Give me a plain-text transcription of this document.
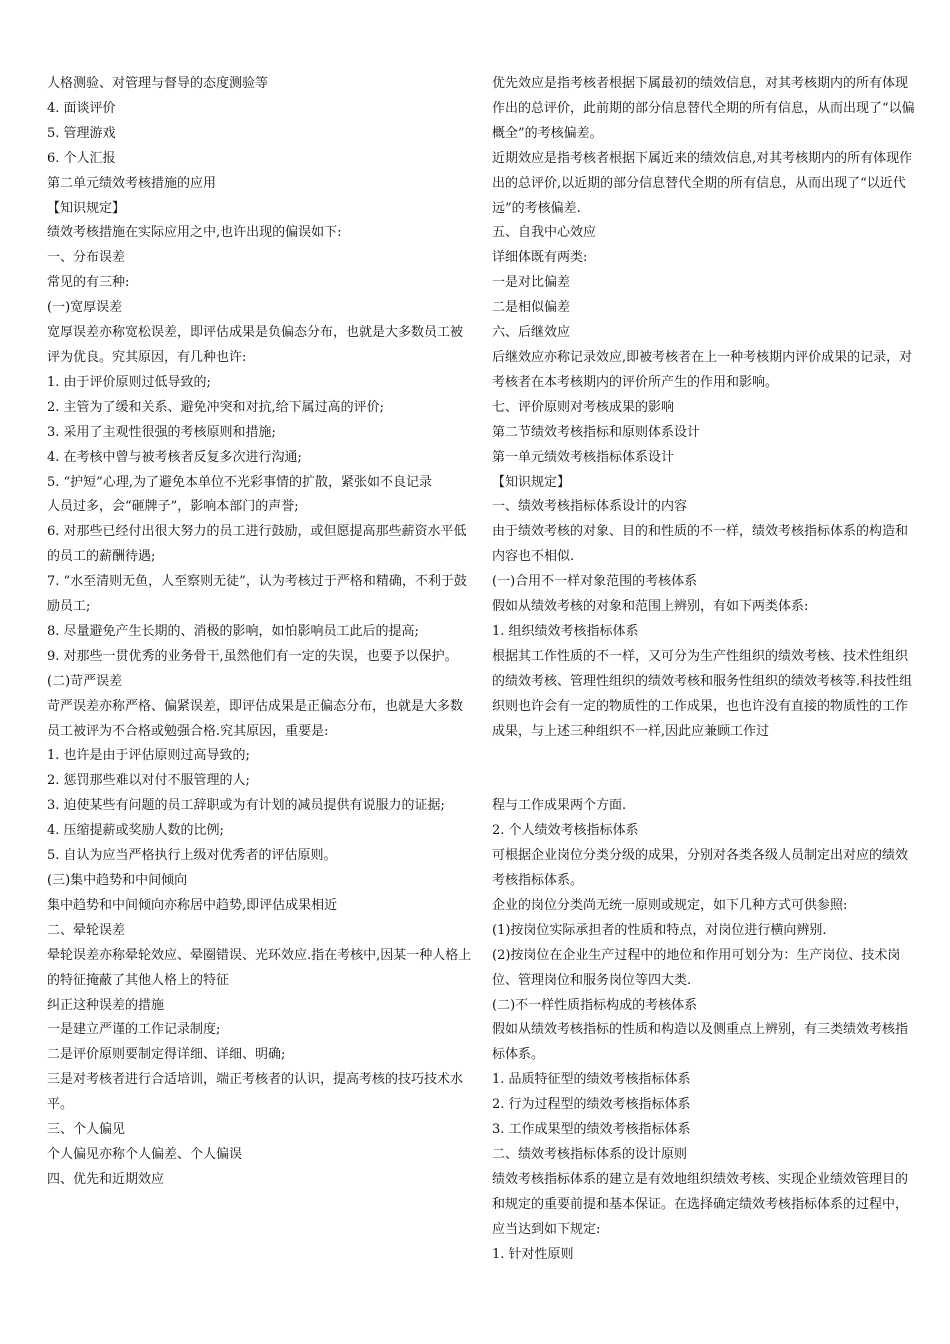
人格测验、对管理与督导的态度测验等

4. 面谈评价

5. 管理游戏

6. 个人汇报

第二单元绩效考核措施的应用

【知识规定】

绩效考核措施在实际应用之中,也许出现的偏误如下:

一、分布误差

常见的有三种:

(一)宽厚误差

宽厚误差亦称宽松误差，即评估成果是负偏态分布，也就是大多数员工被评为优良。究其原因，有几种也许:

1. 由于评价原则过低导致的;

2. 主管为了缓和关系、避免冲突和对抗,给下属过高的评价;

3. 采用了主观性很强的考核原则和措施;

4. 在考核中曾与被考核者反复多次进行沟通;

5. “护短”心理,为了避免本单位不光彩事情的扩散，紧张如不良记录

人员过多，会“砸牌子”，影响本部门的声誉;

6. 对那些已经付出很大努力的员工进行鼓励，或但愿提高那些薪资水平低的员工的薪酬待遇;

7. “水至清则无鱼，人至察则无徒”，认为考核过于严格和精确，不利于鼓励员工;

8. 尽量避免产生长期的、消极的影响，如怕影响员工此后的提高;

9. 对那些一贯优秀的业务骨干,虽然他们有一定的失误，也要予以保护。

(二)苛严误差

苛严误差亦称严格、偏紧误差，即评估成果是正偏态分布，也就是大多数员工被评为不合格或勉强合格.究其原因，重要是:

1. 也许是由于评估原则过高导致的;

2. 惩罚那些难以对付不服管理的人;

3. 迫使某些有问题的员工辞职或为有计划的减员提供有说服力的证据;

4. 压缩提薪或奖励人数的比例;

5. 自认为应当严格执行上级对优秀者的评估原则。

(三)集中趋势和中间倾向

集中趋势和中间倾向亦称居中趋势,即评估成果相近

二、晕轮误差

晕轮误差亦称晕轮效应、晕圈错误、光环效应.指在考核中,因某一种人格上的特征掩蔽了其他人格上的特征

纠正这种误差的措施

一是建立严谨的工作记录制度;

二是评价原则要制定得详细、详细、明确;

三是对考核者进行合适培训，端正考核者的认识，提高考核的技巧技术水平。

三、个人偏见

个人偏见亦称个人偏差、个人偏误

四、优先和近期效应

优先效应是指考核者根据下属最初的绩效信息，对其考核期内的所有体现作出的总评价，此前期的部分信息替代全期的所有信息，从而出现了“以偏概全”的考核偏差。

近期效应是指考核者根据下属近来的绩效信息,对其考核期内的所有体现作出的总评价,以近期的部分信息替代全期的所有信息，从而出现了“以近代远”的考核偏差.

五、自我中心效应

详细体既有两类:

一是对比偏差

二是相似偏差

六、后继效应

后继效应亦称记录效应,即被考核者在上一种考核期内评价成果的记录，对考核者在本考核期内的评价所产生的作用和影响。

七、评价原则对考核成果的影响

第二节绩效考核指标和原则体系设计

第一单元绩效考核指标体系设计

【知识规定】

一、绩效考核指标体系设计的内容

由于绩效考核的对象、目的和性质的不一样，绩效考核指标体系的构造和内容也不相似.

(一)合用不一样对象范围的考核体系

假如从绩效考核的对象和范围上辨别，有如下两类体系:

1. 组织绩效考核指标体系

根据其工作性质的不一样，又可分为生产性组织的绩效考核、技术性组织的绩效考核、管理性组织的绩效考核和服务性组织的绩效考核等.科技性组织则也许会有一定的物质性的工作成果，也也许没有直接的物质性的工作成果，与上述三种组织不一样,因此应兼顾工作过

程与工作成果两个方面.

2. 个人绩效考核指标体系

可根据企业岗位分类分级的成果，分别对各类各级人员制定出对应的绩效考核指标体系。

企业的岗位分类尚无统一原则或规定，如下几种方式可供参照:

(1)按岗位实际承担者的性质和特点，对岗位进行横向辨别.

(2)按岗位在企业生产过程中的地位和作用可划分为：生产岗位、技术岗位、管理岗位和服务岗位等四大类.

(二)不一样性质指标构成的考核体系

假如从绩效考核指标的性质和构造以及侧重点上辨别，有三类绩效考核指标体系。

1. 品质特征型的绩效考核指标体系

2. 行为过程型的绩效考核指标体系

3. 工作成果型的绩效考核指标体系

二、绩效考核指标体系的设计原则

绩效考核指标体系的建立是有效地组织绩效考核、实现企业绩效管理目的和规定的重要前提和基本保证。在选择确定绩效考核指标体系的过程中，应当达到如下规定:

1. 针对性原则
